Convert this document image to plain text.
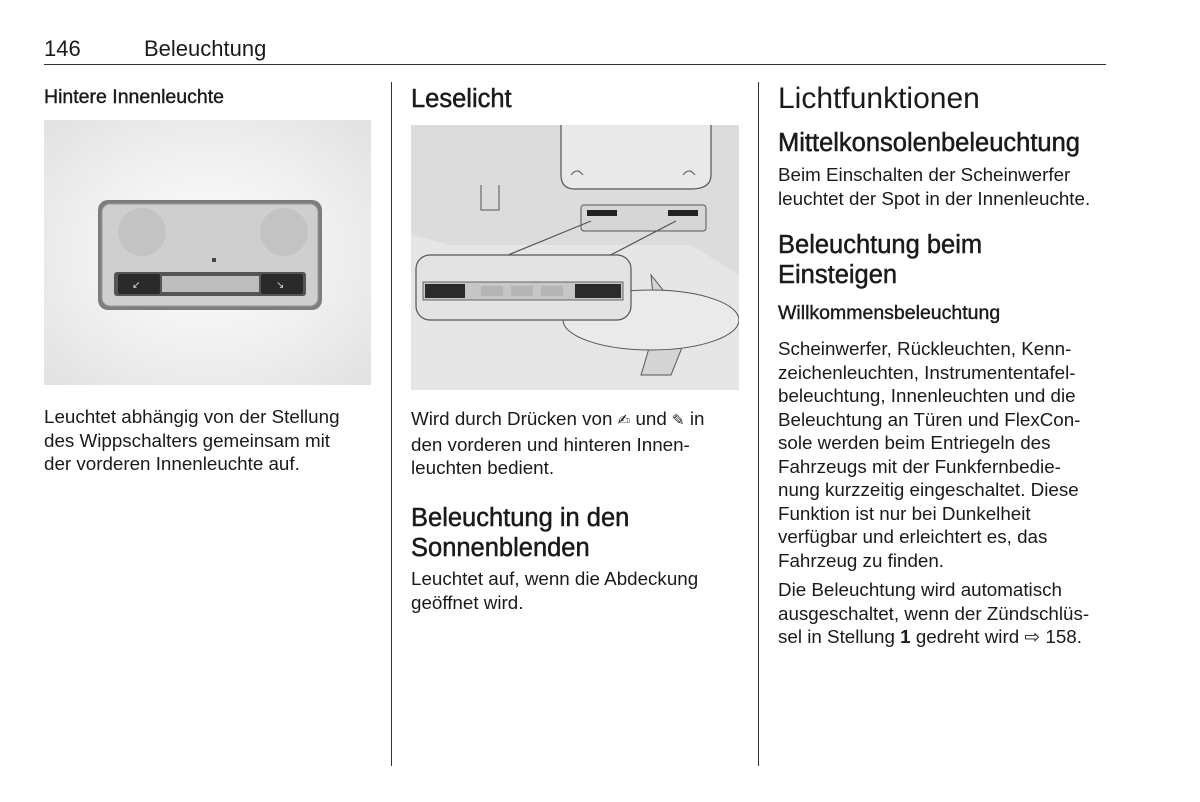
146	Beleuchtung
Hintere Innenleuchte
↙	↘

Leuchtet abhängig von der Stellung

des Wippschalters gemeinsam mit

der vorderen Innenleuchte auf.

Leselicht

Wird durch Drücken von ✍ und ✎ in

den vorderen und hinteren Innen-

leuchten bedient.

Beleuchtung in den
Sonnenblenden

Leuchtet auf, wenn die Abdeckung

geöffnet wird.

Lichtfunktionen
Mittelkonsolenbeleuchtung

Beim Einschalten der Scheinwerfer

leuchtet der Spot in der Innenleuchte.

Beleuchtung beim
Einsteigen
Willkommensbeleuchtung

Scheinwerfer, Rückleuchten, Kenn-

zeichenleuchten, Instrumententafel-

beleuchtung, Innenleuchten und die

Beleuchtung an Türen und FlexCon-

sole werden beim Entriegeln des

Fahrzeugs mit der Funkfernbedie-

nung kurzzeitig eingeschaltet. Diese

Funktion ist nur bei Dunkelheit

verfügbar und erleichtert es, das

Fahrzeug zu finden.

Die Beleuchtung wird automatisch

ausgeschaltet, wenn der Zündschlüs-

sel in Stellung 1 gedreht wird ⇨ 158.
